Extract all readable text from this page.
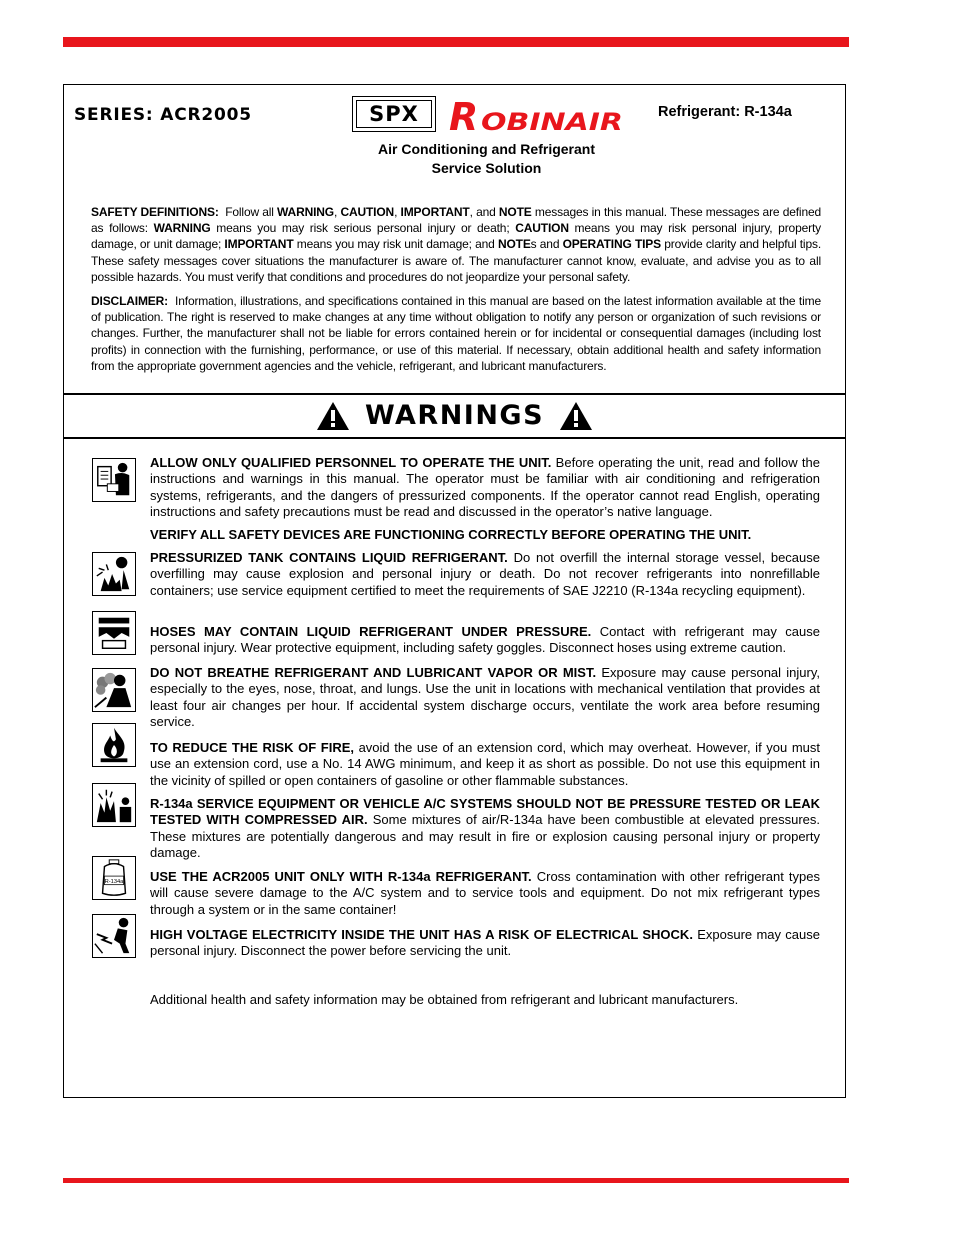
SERIES: ACR2005	SPX R OBINAIR Refrigerant: R-134a
Air Conditioning and Refrigerant
Service Solution
SAFETY DEFINITIONS: Follow all WARNING, CAUTION, IMPORTANT, and NOTE messages in this manual. These messages are defined as follows: WARNING means you may risk serious personal injury or death; CAUTION means you may risk personal injury, property damage, or unit damage; IMPORTANT means you may risk unit damage; and NOTEs and OPERATING TIPS provide clarity and helpful tips. These safety messages cover situations the manufacturer is aware of. The manufacturer cannot know, evaluate, and advise you as to all possible hazards. You must verify that conditions and procedures do not jeopardize your personal safety.
DISCLAIMER: Information, illustrations, and specifications contained in this manual are based on the latest information available at the time of publication. The right is reserved to make changes at any time without obligation to notify any person or organization of such revisions or changes. Further, the manufacturer shall not be liable for errors contained herein or for incidental or consequential damages (including lost profits) in connection with the furnishing, performance, or use of this material. If necessary, obtain additional health and safety information from the appropriate government agencies and the vehicle, refrigerant, and lubricant manufacturers.
WARNINGS
R-134a
ALLOW ONLY QUALIFIED PERSONNEL TO OPERATE THE UNIT. Before operating the unit, read and follow the instructions and warnings in this manual. The operator must be familiar with air conditioning and refrigeration systems, refrigerants, and the dangers of pressurized components. If the operator cannot read English, operating instructions and safety precautions must be read and discussed in the operator’s native language.
VERIFY ALL SAFETY DEVICES ARE FUNCTIONING CORRECTLY BEFORE OPERATING THE UNIT.
PRESSURIZED TANK CONTAINS LIQUID REFRIGERANT. Do not overfill the internal storage vessel, because overfilling may cause explosion and personal injury or death. Do not recover refrigerants into nonrefillable containers; use service equipment certified to meet the requirements of SAE J2210 (R-134a recycling equipment).
HOSES MAY CONTAIN LIQUID REFRIGERANT UNDER PRESSURE. Contact with refrigerant may cause personal injury. Wear protective equipment, including safety goggles. Disconnect hoses using extreme caution.
DO NOT BREATHE REFRIGERANT AND LUBRICANT VAPOR OR MIST. Exposure may cause personal injury, especially to the eyes, nose, throat, and lungs. Use the unit in locations with mechanical ventilation that provides at least four air changes per hour. If accidental system discharge occurs, ventilate the work area before resuming service.
TO REDUCE THE RISK OF FIRE, avoid the use of an extension cord, which may overheat. However, if you must use an extension cord, use a No. 14 AWG minimum, and keep it as short as possible. Do not use this equipment in the vicinity of spilled or open containers of gasoline or other flammable substances.
R-134a SERVICE EQUIPMENT OR VEHICLE A/C SYSTEMS SHOULD NOT BE PRESSURE TESTED OR LEAK TESTED WITH COMPRESSED AIR. Some mixtures of air/R-134a have been combustible at elevated pressures. These mixtures are potentially dangerous and may result in fire or explosion causing personal injury or property damage.
USE THE ACR2005 UNIT ONLY WITH R-134a REFRIGERANT. Cross contamination with other refrigerant types will cause severe damage to the A/C system and to service tools and equipment. Do not mix refrigerant types through a system or in the same container!
HIGH VOLTAGE ELECTRICITY INSIDE THE UNIT HAS A RISK OF ELECTRICAL SHOCK. Exposure may cause personal injury. Disconnect the power before servicing the unit.
Additional health and safety information may be obtained from refrigerant and lubricant manufacturers.
